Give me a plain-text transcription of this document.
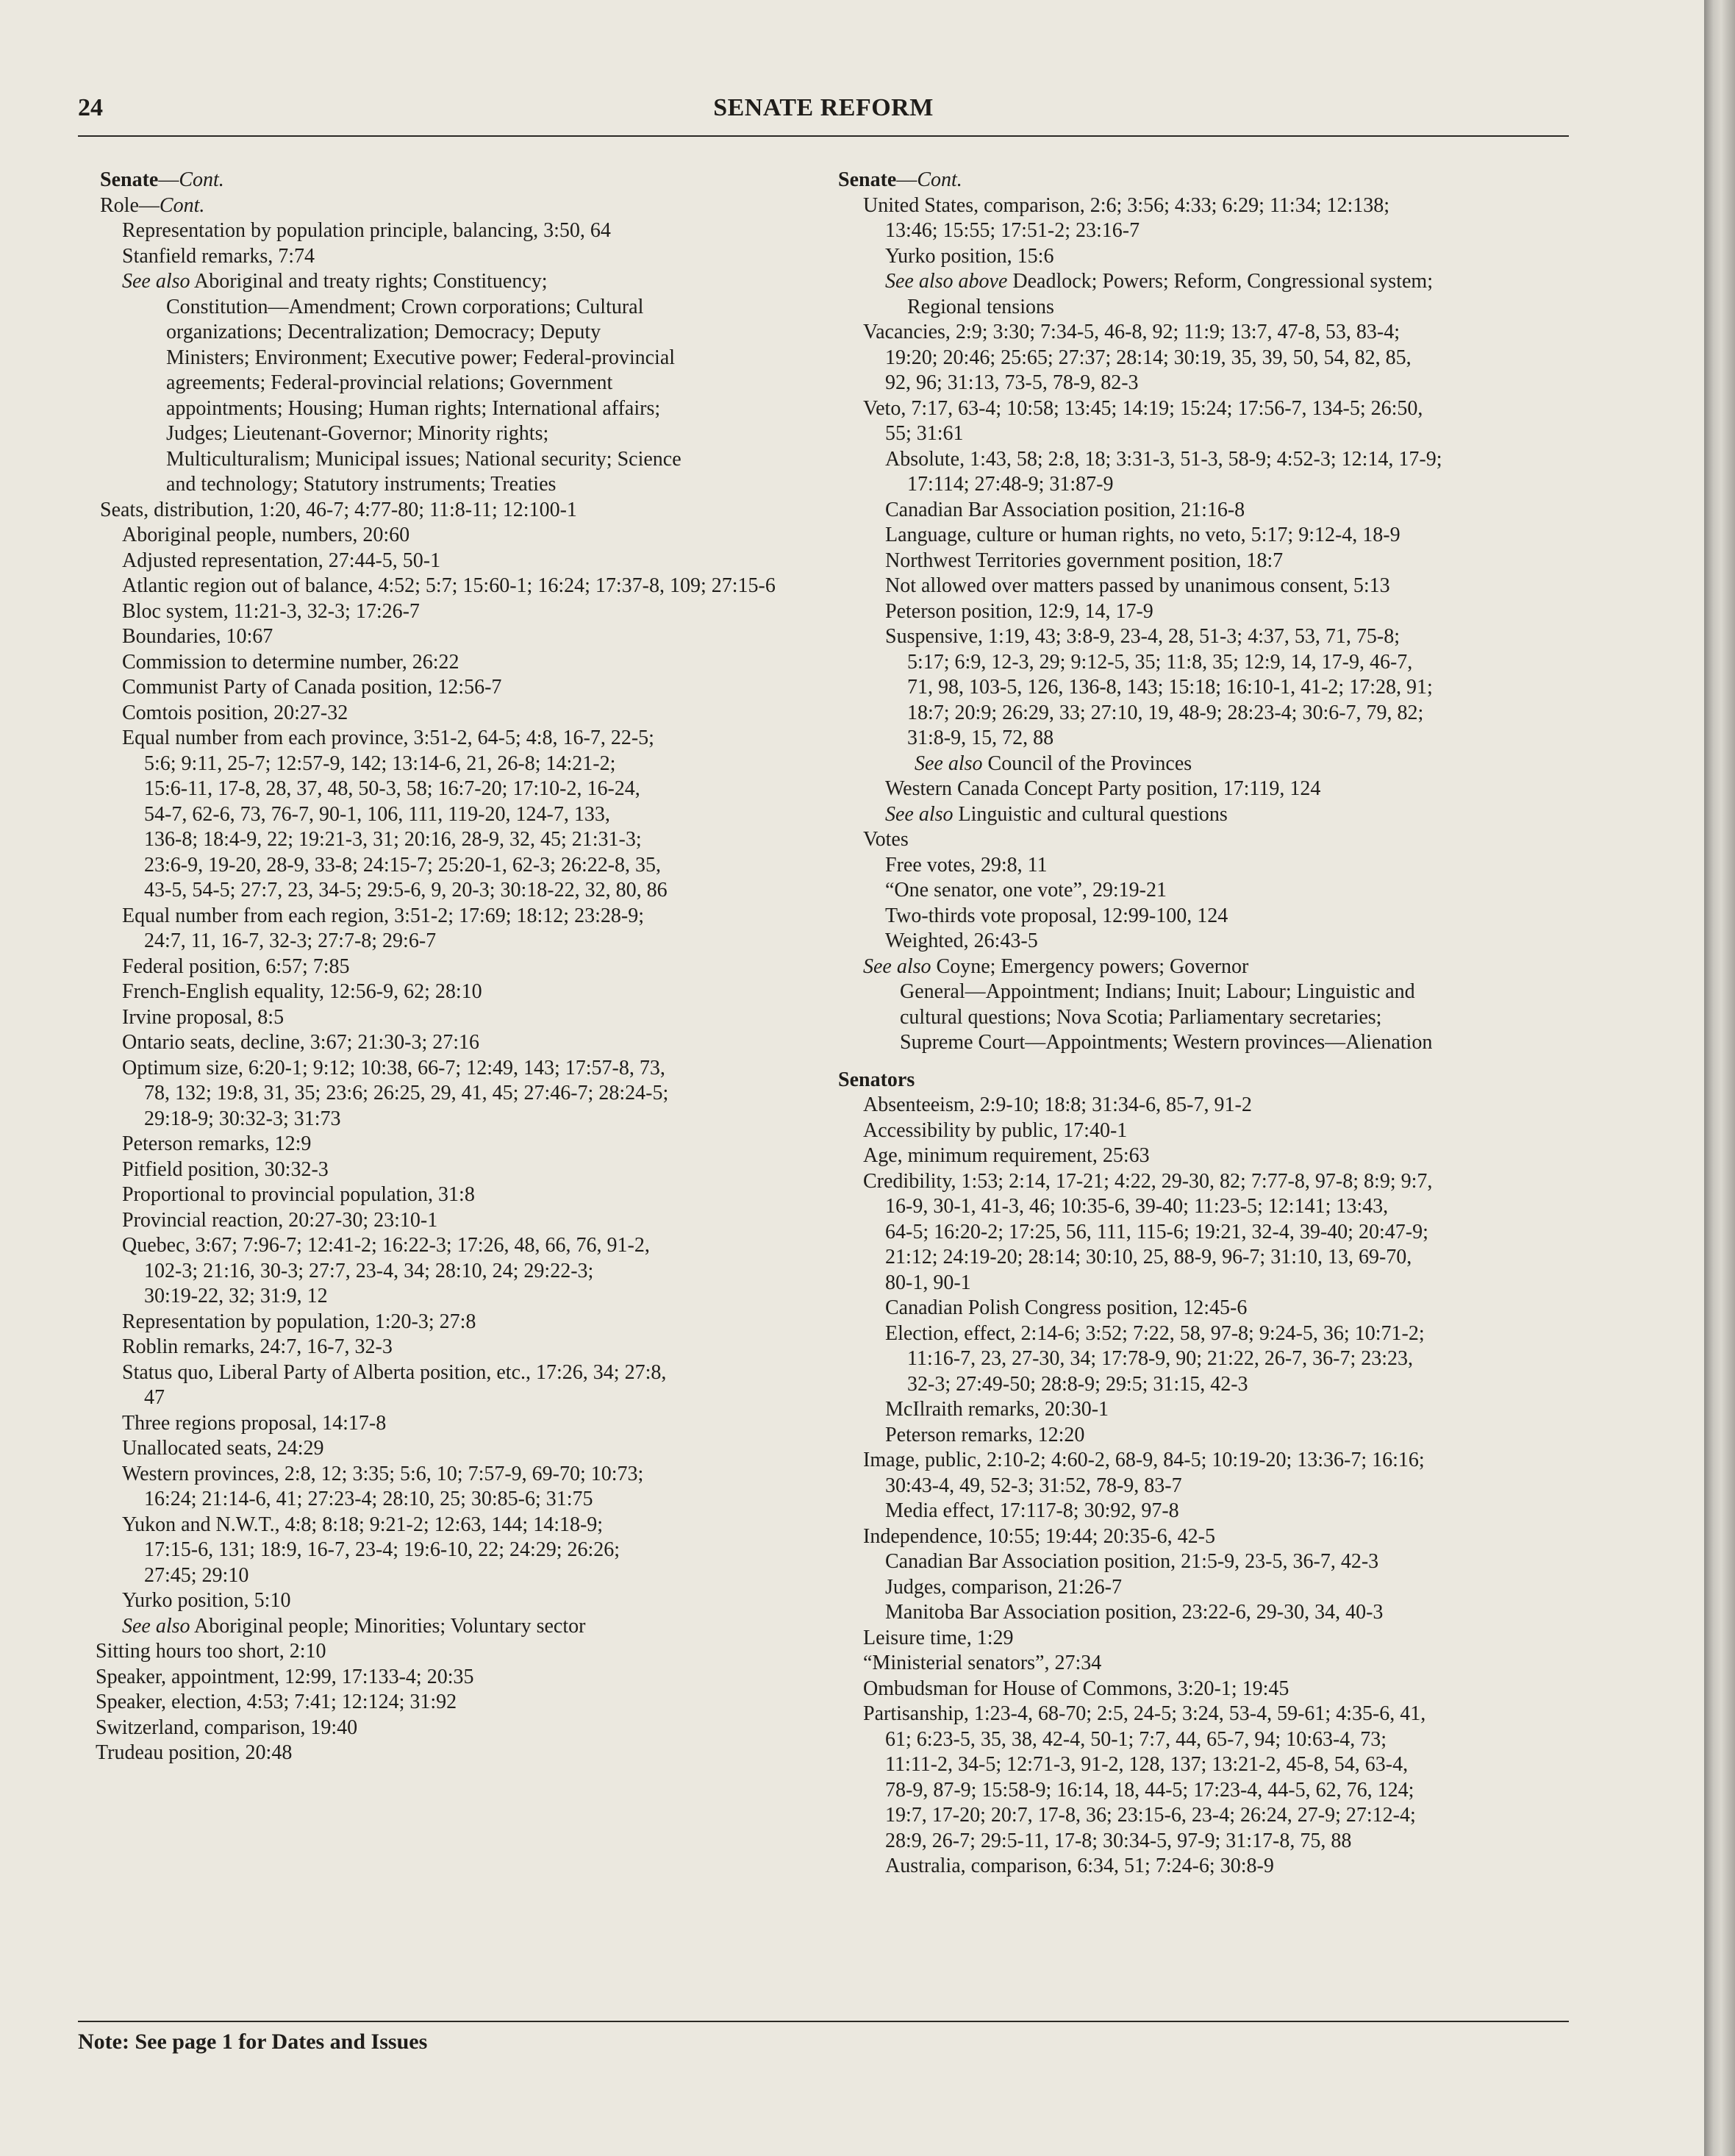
24	SENATE REFORM
Senate—Cont.
Role—Cont.
Representation by population principle, balancing, 3:50, 64
Stanfield remarks, 7:74
See also Aboriginal and treaty rights; Constituency;
Constitution—Amendment; Crown corporations; Cultural
organizations; Decentralization; Democracy; Deputy
Ministers; Environment; Executive power; Federal-provincial
agreements; Federal-provincial relations; Government
appointments; Housing; Human rights; International affairs;
Judges; Lieutenant-Governor; Minority rights;
Multiculturalism; Municipal issues; National security; Science
and technology; Statutory instruments; Treaties
Seats, distribution, 1:20, 46-7; 4:77-80; 11:8-11; 12:100-1
Aboriginal people, numbers, 20:60
Adjusted representation, 27:44-5, 50-1
Atlantic region out of balance, 4:52; 5:7; 15:60-1; 16:24; 17:37-8, 109; 27:15-6
Bloc system, 11:21-3, 32-3; 17:26-7
Boundaries, 10:67
Commission to determine number, 26:22
Communist Party of Canada position, 12:56-7
Comtois position, 20:27-32
Equal number from each province, 3:51-2, 64-5; 4:8, 16-7, 22-5;
5:6; 9:11, 25-7; 12:57-9, 142; 13:14-6, 21, 26-8; 14:21-2;
15:6-11, 17-8, 28, 37, 48, 50-3, 58; 16:7-20; 17:10-2, 16-24,
54-7, 62-6, 73, 76-7, 90-1, 106, 111, 119-20, 124-7, 133,
136-8; 18:4-9, 22; 19:21-3, 31; 20:16, 28-9, 32, 45; 21:31-3;
23:6-9, 19-20, 28-9, 33-8; 24:15-7; 25:20-1, 62-3; 26:22-8, 35,
43-5, 54-5; 27:7, 23, 34-5; 29:5-6, 9, 20-3; 30:18-22, 32, 80, 86
Equal number from each region, 3:51-2; 17:69; 18:12; 23:28-9;
24:7, 11, 16-7, 32-3; 27:7-8; 29:6-7
Federal position, 6:57; 7:85
French-English equality, 12:56-9, 62; 28:10
Irvine proposal, 8:5
Ontario seats, decline, 3:67; 21:30-3; 27:16
Optimum size, 6:20-1; 9:12; 10:38, 66-7; 12:49, 143; 17:57-8, 73,
78, 132; 19:8, 31, 35; 23:6; 26:25, 29, 41, 45; 27:46-7; 28:24-5;
29:18-9; 30:32-3; 31:73
Peterson remarks, 12:9
Pitfield position, 30:32-3
Proportional to provincial population, 31:8
Provincial reaction, 20:27-30; 23:10-1
Quebec, 3:67; 7:96-7; 12:41-2; 16:22-3; 17:26, 48, 66, 76, 91-2,
102-3; 21:16, 30-3; 27:7, 23-4, 34; 28:10, 24; 29:22-3;
30:19-22, 32; 31:9, 12
Representation by population, 1:20-3; 27:8
Roblin remarks, 24:7, 16-7, 32-3
Status quo, Liberal Party of Alberta position, etc., 17:26, 34; 27:8,
47
Three regions proposal, 14:17-8
Unallocated seats, 24:29
Western provinces, 2:8, 12; 3:35; 5:6, 10; 7:57-9, 69-70; 10:73;
16:24; 21:14-6, 41; 27:23-4; 28:10, 25; 30:85-6; 31:75
Yukon and N.W.T., 4:8; 8:18; 9:21-2; 12:63, 144; 14:18-9;
17:15-6, 131; 18:9, 16-7, 23-4; 19:6-10, 22; 24:29; 26:26;
27:45; 29:10
Yurko position, 5:10
See also Aboriginal people; Minorities; Voluntary sector
Sitting hours too short, 2:10
Speaker, appointment, 12:99, 17:133-4; 20:35
Speaker, election, 4:53; 7:41; 12:124; 31:92
Switzerland, comparison, 19:40
Trudeau position, 20:48
Senate—Cont.
United States, comparison, 2:6; 3:56; 4:33; 6:29; 11:34; 12:138;
13:46; 15:55; 17:51-2; 23:16-7
Yurko position, 15:6
See also above Deadlock; Powers; Reform, Congressional system;
Regional tensions
Vacancies, 2:9; 3:30; 7:34-5, 46-8, 92; 11:9; 13:7, 47-8, 53, 83-4;
19:20; 20:46; 25:65; 27:37; 28:14; 30:19, 35, 39, 50, 54, 82, 85,
92, 96; 31:13, 73-5, 78-9, 82-3
Veto, 7:17, 63-4; 10:58; 13:45; 14:19; 15:24; 17:56-7, 134-5; 26:50,
55; 31:61
Absolute, 1:43, 58; 2:8, 18; 3:31-3, 51-3, 58-9; 4:52-3; 12:14, 17-9;
17:114; 27:48-9; 31:87-9
Canadian Bar Association position, 21:16-8
Language, culture or human rights, no veto, 5:17; 9:12-4, 18-9
Northwest Territories government position, 18:7
Not allowed over matters passed by unanimous consent, 5:13
Peterson position, 12:9, 14, 17-9
Suspensive, 1:19, 43; 3:8-9, 23-4, 28, 51-3; 4:37, 53, 71, 75-8;
5:17; 6:9, 12-3, 29; 9:12-5, 35; 11:8, 35; 12:9, 14, 17-9, 46-7,
71, 98, 103-5, 126, 136-8, 143; 15:18; 16:10-1, 41-2; 17:28, 91;
18:7; 20:9; 26:29, 33; 27:10, 19, 48-9; 28:23-4; 30:6-7, 79, 82;
31:8-9, 15, 72, 88
See also Council of the Provinces
Western Canada Concept Party position, 17:119, 124
See also Linguistic and cultural questions
Votes
Free votes, 29:8, 11
“One senator, one vote”, 29:19-21
Two-thirds vote proposal, 12:99-100, 124
Weighted, 26:43-5
See also Coyne; Emergency powers; Governor
General—Appointment; Indians; Inuit; Labour; Linguistic and
cultural questions; Nova Scotia; Parliamentary secretaries;
Supreme Court—Appointments; Western provinces—Alienation
Senators
Absenteeism, 2:9-10; 18:8; 31:34-6, 85-7, 91-2
Accessibility by public, 17:40-1
Age, minimum requirement, 25:63
Credibility, 1:53; 2:14, 17-21; 4:22, 29-30, 82; 7:77-8, 97-8; 8:9; 9:7,
16-9, 30-1, 41-3, 46; 10:35-6, 39-40; 11:23-5; 12:141; 13:43,
64-5; 16:20-2; 17:25, 56, 111, 115-6; 19:21, 32-4, 39-40; 20:47-9;
21:12; 24:19-20; 28:14; 30:10, 25, 88-9, 96-7; 31:10, 13, 69-70,
80-1, 90-1
Canadian Polish Congress position, 12:45-6
Election, effect, 2:14-6; 3:52; 7:22, 58, 97-8; 9:24-5, 36; 10:71-2;
11:16-7, 23, 27-30, 34; 17:78-9, 90; 21:22, 26-7, 36-7; 23:23,
32-3; 27:49-50; 28:8-9; 29:5; 31:15, 42-3
McIlraith remarks, 20:30-1
Peterson remarks, 12:20
Image, public, 2:10-2; 4:60-2, 68-9, 84-5; 10:19-20; 13:36-7; 16:16;
30:43-4, 49, 52-3; 31:52, 78-9, 83-7
Media effect, 17:117-8; 30:92, 97-8
Independence, 10:55; 19:44; 20:35-6, 42-5
Canadian Bar Association position, 21:5-9, 23-5, 36-7, 42-3
Judges, comparison, 21:26-7
Manitoba Bar Association position, 23:22-6, 29-30, 34, 40-3
Leisure time, 1:29
“Ministerial senators”, 27:34
Ombudsman for House of Commons, 3:20-1; 19:45
Partisanship, 1:23-4, 68-70; 2:5, 24-5; 3:24, 53-4, 59-61; 4:35-6, 41,
61; 6:23-5, 35, 38, 42-4, 50-1; 7:7, 44, 65-7, 94; 10:63-4, 73;
11:11-2, 34-5; 12:71-3, 91-2, 128, 137; 13:21-2, 45-8, 54, 63-4,
78-9, 87-9; 15:58-9; 16:14, 18, 44-5; 17:23-4, 44-5, 62, 76, 124;
19:7, 17-20; 20:7, 17-8, 36; 23:15-6, 23-4; 26:24, 27-9; 27:12-4;
28:9, 26-7; 29:5-11, 17-8; 30:34-5, 97-9; 31:17-8, 75, 88
Australia, comparison, 6:34, 51; 7:24-6; 30:8-9
Note: See page 1 for Dates and Issues
